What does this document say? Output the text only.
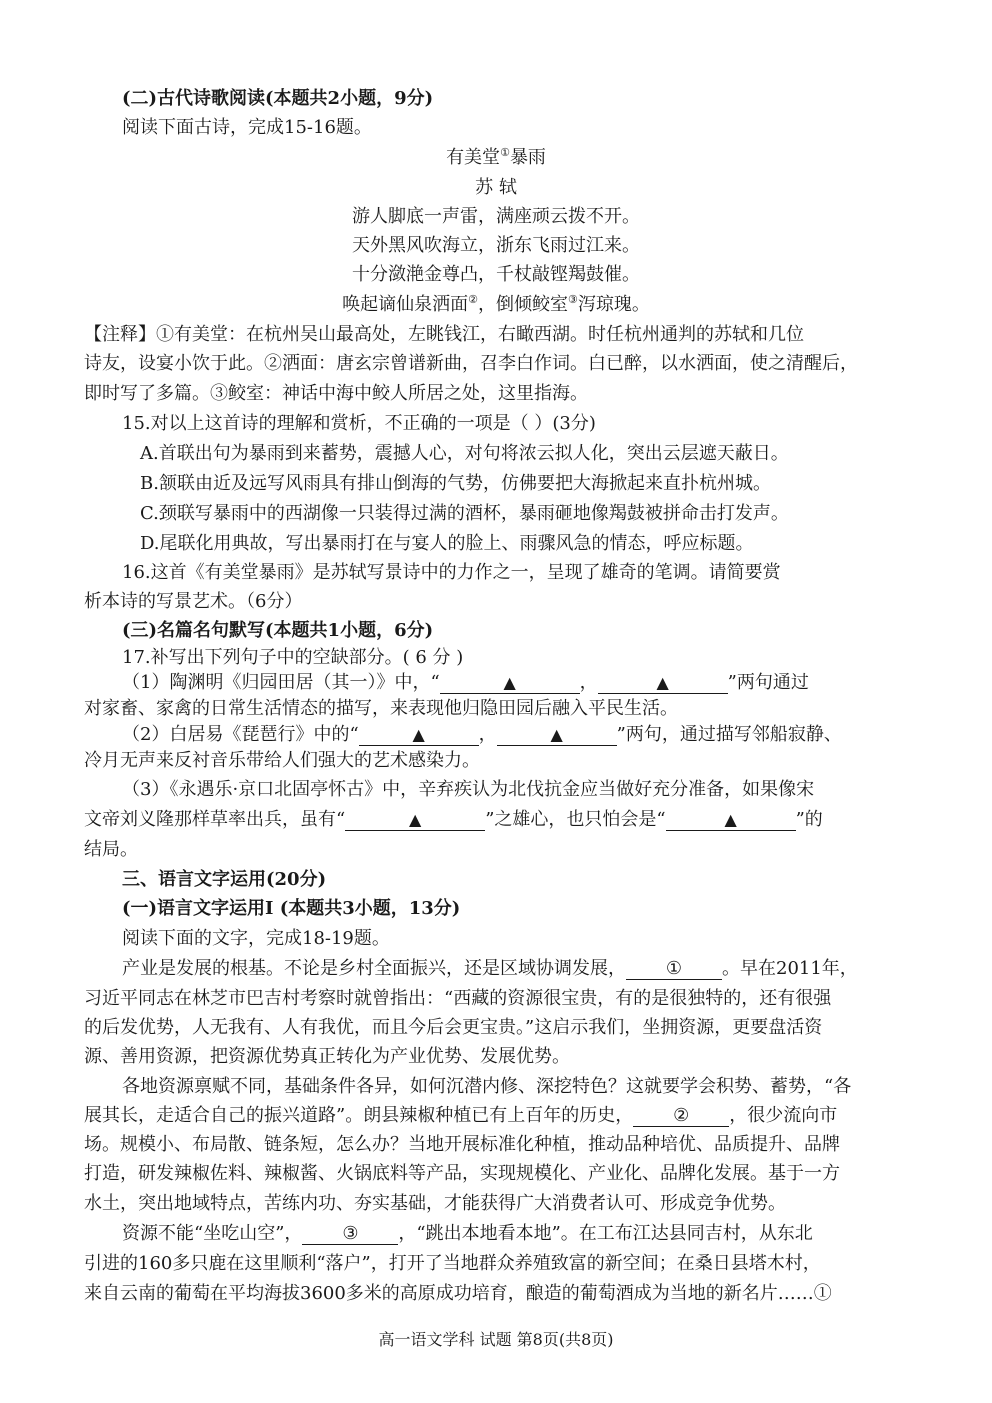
(二)古代诗歌阅读(本题共2小题，9分)
阅读下面古诗，完成15-16题。
有美堂①暴雨
苏 轼
游人脚底一声雷，满座顽云拨不开。
天外黑风吹海立，浙东飞雨过江来。
十分潋滟金尊凸，千杖敲铿羯鼓催。
唤起谪仙泉洒面②，倒倾鲛室③泻琼瑰。
【注释】①有美堂：在杭州吴山最高处，左眺钱江，右瞰西湖。时任杭州通判的苏轼和几位
诗友，设宴小饮于此。②洒面：唐玄宗曾谱新曲，召李白作词。白已醉，以水洒面，使之清醒后，
即时写了多篇。③鲛室：神话中海中鲛人所居之处，这里指海。
15.对以上这首诗的理解和赏析，不正确的一项是（ ）(3分)
A.首联出句为暴雨到来蓄势，震撼人心，对句将浓云拟人化，突出云层遮天蔽日。
B.颔联由近及远写风雨具有排山倒海的气势，仿佛要把大海掀起来直扑杭州城。
C.颈联写暴雨中的西湖像一只装得过满的酒杯，暴雨砸地像羯鼓被拼命击打发声。
D.尾联化用典故，写出暴雨打在与宴人的脸上、雨骤风急的情态，呼应标题。
16.这首《有美堂暴雨》是苏轼写景诗中的力作之一，呈现了雄奇的笔调。请简要赏
析本诗的写景艺术。（6分）
(三)名篇名句默写(本题共1小题，6分)
17.补写出下列句子中的空缺部分。( 6 分 )
（1）陶渊明《归园田居（其一）》中，“	▲	，	▲	”两句通过
对家畜、家禽的日常生活情态的描写，来表现他归隐田园后融入平民生活。
（2）白居易《琵琶行》中的“	▲	，	▲	”两句，通过描写邻船寂静、
冷月无声来反衬音乐带给人们强大的艺术感染力。
（3）《永遇乐·京口北固亭怀古》中，辛弃疾认为北伐抗金应当做好充分准备，如果像宋
文帝刘义隆那样草率出兵，虽有“	▲	”之雄心，也只怕会是“	▲	”的
结局。
三、语言文字运用(20分)
(一)语言文字运用Ⅰ (本题共3小题，13分)
阅读下面的文字，完成18-19题。
产业是发展的根基。不论是乡村全面振兴，还是区域协调发展， ① 。早在2011年，
习近平同志在林芝市巴吉村考察时就曾指出：“西藏的资源很宝贵，有的是很独特的，还有很强
的后发优势，人无我有、人有我优，而且今后会更宝贵。”这启示我们，坐拥资源，更要盘活资
源、善用资源，把资源优势真正转化为产业优势、发展优势。
各地资源禀赋不同，基础条件各异，如何沉潜内修、深挖特色？这就要学会积势、蓄势，“各
展其长，走适合自己的振兴道路”。朗县辣椒种植已有上百年的历史， ② ，很少流向市
场。规模小、布局散、链条短，怎么办？当地开展标准化种植，推动品种培优、品质提升、品牌
打造，研发辣椒佐料、辣椒酱、火锅底料等产品，实现规模化、产业化、品牌化发展。基于一方
水土，突出地域特点，苦练内功、夯实基础，才能获得广大消费者认可、形成竞争优势。
资源不能“坐吃山空”， ③ ，“跳出本地看本地”。在工布江达县同吉村，从东北
引进的160多只鹿在这里顺利“落户”，打开了当地群众养殖致富的新空间；在桑日县塔木村，
来自云南的葡萄在平均海拔3600多米的高原成功培育，酿造的葡萄酒成为当地的新名片……①
高一语文学科 试题 第8页(共8页)
